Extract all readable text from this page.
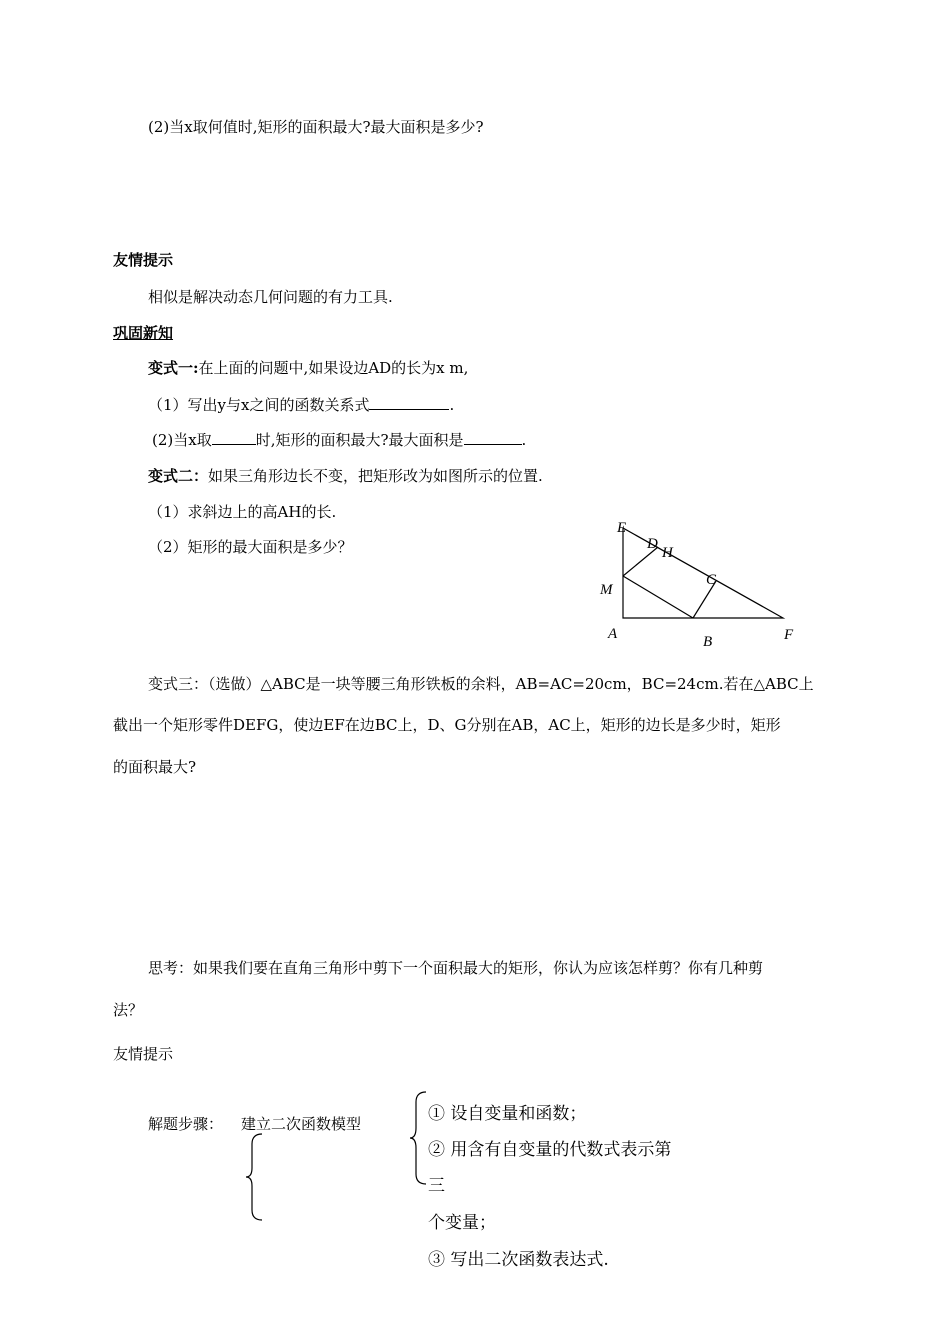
(2)当x取何值时,矩形的面积最大?最大面积是多少?
友情提示
相似是解决动态几何问题的有力工具.
巩固新知
变式一:在上面的问题中,如果设边AD的长为x m,
（1）写出y与x之间的函数关系式	.
(2)当x取	时,矩形的面积最大?最大面积是	.
变式二：如果三角形边长不变，把矩形改为如图所示的位置.
（1）求斜边上的高AH的长.
（2）矩形的最大面积是多少？
E
D
H
C
M
A	B	F
变式三：（选做）△ABC是一块等腰三角形铁板的余料，AB=AC=20cm，BC=24cm.若在△ABC上
截出一个矩形零件DEFG，使边EF在边BC上，D、G分别在AB，AC上，矩形的边长是多少时，矩形
的面积最大?
思考：如果我们要在直角三角形中剪下一个面积最大的矩形，你认为应该怎样剪？你有几种剪
法？
友情提示
解题步骤： 建立二次函数模型	① 设自变量和函数；
② 用含有自变量的代数式表示第
三
个变量；
③ 写出二次函数表达式.
